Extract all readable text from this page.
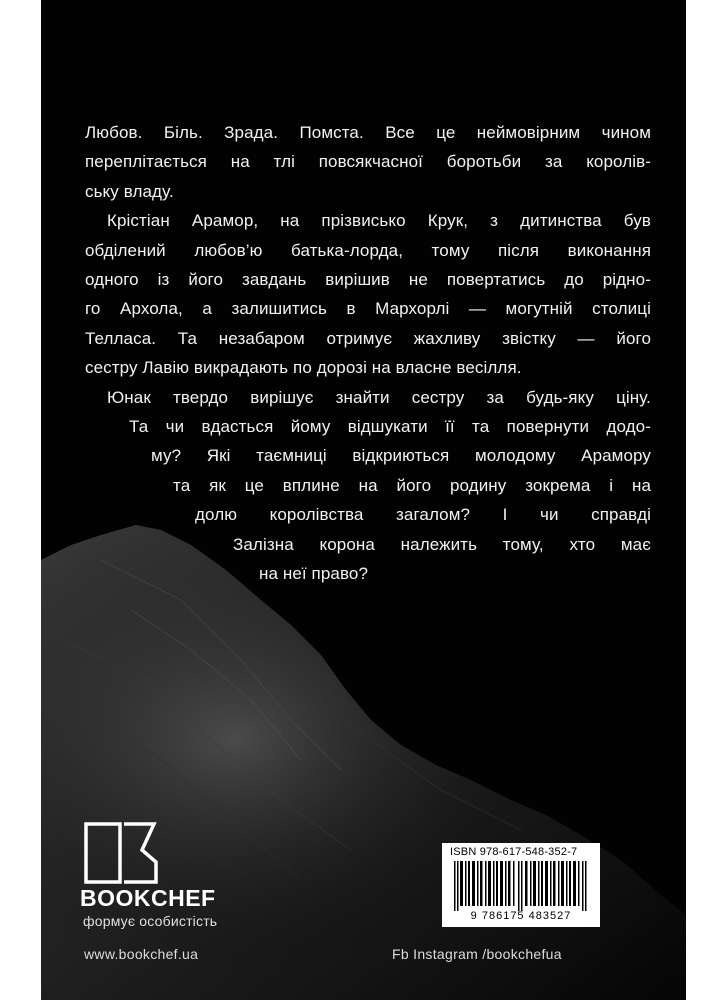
Любов. Біль. Зрада. Помста. Все це неймовірним чином
переплітається на тлі повсякчасної боротьби за королів-
ську владу.

Крістіан Арамор, на прізвисько Крук, з дитинства був
обділений любов’ю батька-лорда, тому після виконання
одного із його завдань вирішив не повертатись до рідно-
го Архола, а залишитись в Мархорлі — могутній столиці
Телласа. Та незабаром отримує жахливу звістку — його
сестру Лавію викрадають по дорозі на власне весілля.

Юнак твердо вирішує знайти сестру за будь-яку ціну.
Та чи вдасться йому відшукати її та повернути додо-
му? Які таємниці відкриються молодому Арамору
та як це вплине на його родину зокрема і на
долю королівства загалом? І чи справді
Залізна корона належить тому, хто має
на неї право?

BOOKCHEF
формує особистість
www.bookchef.ua	Fb Instagram /bookchefua
ISBN 978-617-548-352-7
9 786175 483527
